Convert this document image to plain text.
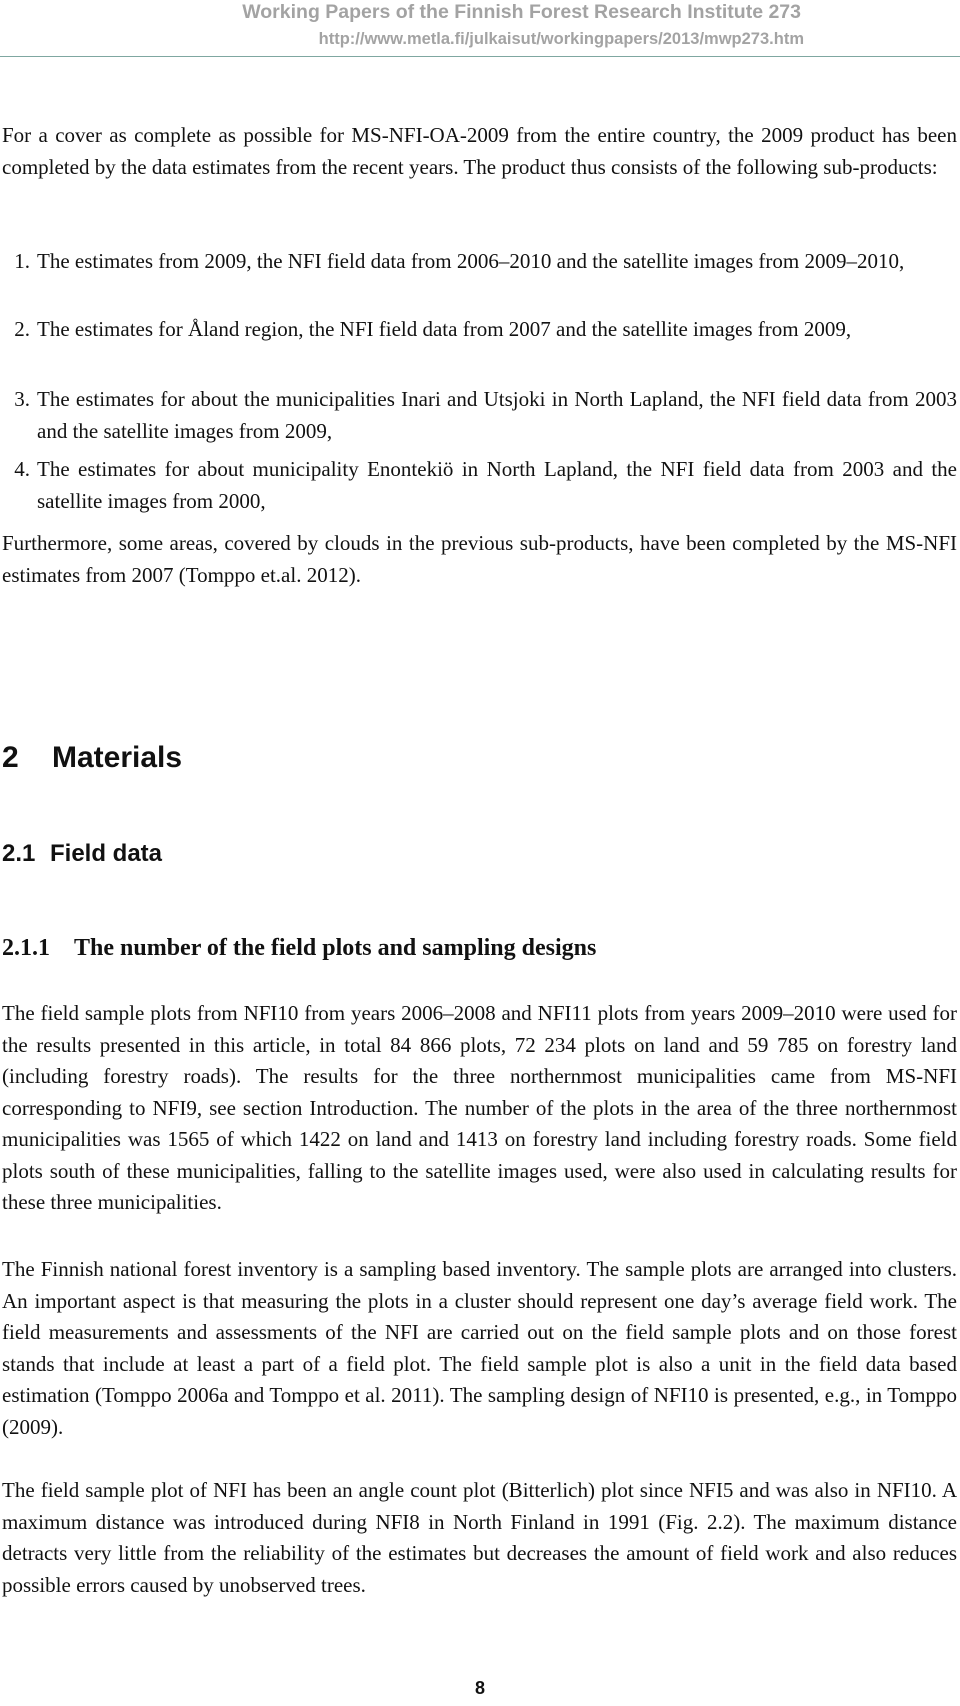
Working Papers of the Finnish Forest Research Institute 273
http://www.metla.fi/julkaisut/workingpapers/2013/mwp273.htm

For a cover as complete as possible for MS-NFI-OA-2009 from the entire country, the 2009 product has been completed by the data estimates from the recent years. The product thus consists of the following sub-products:

1. The estimates from 2009, the NFI field data from 2006–2010 and the satellite images from 2009–2010,
2. The estimates for Åland region, the NFI field data from 2007 and the satellite images from 2009,
3. The estimates for about the municipalities Inari and Utsjoki in North Lapland, the NFI field data from 2003 and the satellite images from 2009,
4. The estimates for about municipality Enontekiö in North Lapland, the NFI field data from 2003 and the satellite images from 2000,

Furthermore, some areas, covered by clouds in the previous sub-products, have been completed by the MS-NFI estimates from 2007 (Tomppo et.al. 2012).

2 Materials
2.1 Field data
2.1.1 The number of the field plots and sampling designs

The field sample plots from NFI10 from years 2006–2008 and NFI11 plots from years 2009–2010 were used for the results presented in this article, in total 84 866 plots, 72 234 plots on land and 59 785 on forestry land (including forestry roads). The results for the three northernmost municipalities came from MS-NFI corresponding to NFI9, see section Introduction. The number of the plots in the area of the three northernmost municipalities was 1565 of which 1422 on land and 1413 on forestry land including forestry roads. Some field plots south of these municipalities, falling to the satellite images used, were also used in calculating results for these three municipalities.

The Finnish national forest inventory is a sampling based inventory. The sample plots are arranged into clusters. An important aspect is that measuring the plots in a cluster should represent one day’s average field work. The field measurements and assessments of the NFI are carried out on the field sample plots and on those forest stands that include at least a part of a field plot. The field sample plot is also a unit in the field data based estimation (Tomppo 2006a and Tomppo et al. 2011). The sampling design of NFI10 is presented, e.g., in Tomppo (2009).

The field sample plot of NFI has been an angle count plot (Bitterlich) plot since NFI5 and was also in NFI10. A maximum distance was introduced during NFI8 in North Finland in 1991 (Fig. 2.2). The maximum distance detracts very little from the reliability of the estimates but decreases the amount of field work and also reduces possible errors caused by unobserved trees.

8
